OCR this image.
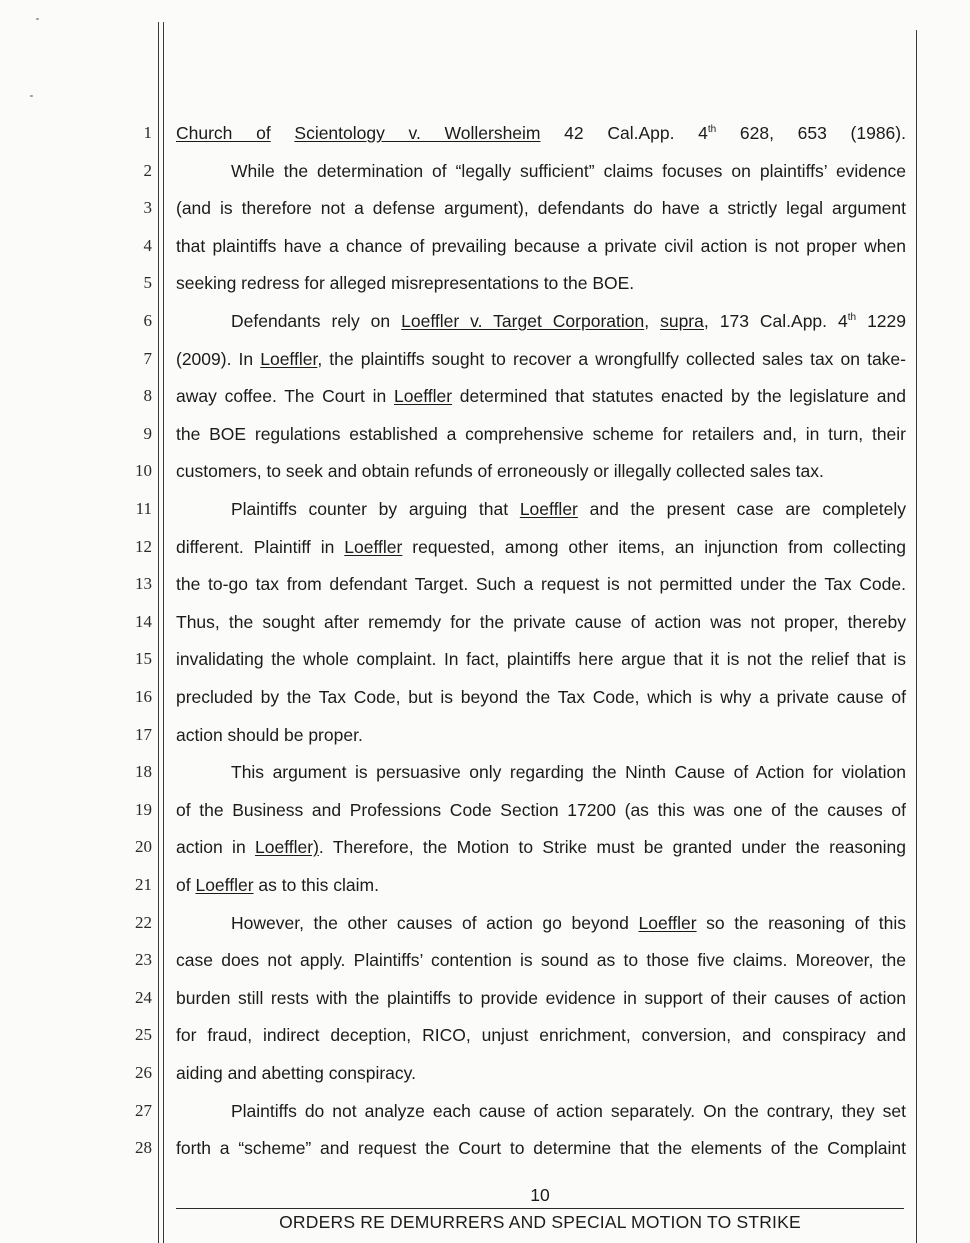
1 Church of Scientology v. Wollersheim 42 Cal.App. 4th 628, 653 (1986).
2	While the determination of “legally sufficient” claims focuses on plaintiffs’ evidence
3 (and is therefore not a defense argument), defendants do have a strictly legal argument
4 that plaintiffs have a chance of prevailing because a private civil action is not proper when
5 seeking redress for alleged misrepresentations to the BOE.
6	Defendants rely on Loeffler v. Target Corporation, supra, 173 Cal.App. 4th 1229
7 (2009). In Loeffler, the plaintiffs sought to recover a wrongfullfy collected sales tax on take-
8 away coffee. The Court in Loeffler determined that statutes enacted by the legislature and
9 the BOE regulations established a comprehensive scheme for retailers and, in turn, their
10 customers, to seek and obtain refunds of erroneously or illegally collected sales tax.
11	Plaintiffs counter by arguing that Loeffler and the present case are completely
12 different. Plaintiff in Loeffler requested, among other items, an injunction from collecting
13 the to-go tax from defendant Target. Such a request is not permitted under the Tax Code.
14 Thus, the sought after rememdy for the private cause of action was not proper, thereby
15 invalidating the whole complaint. In fact, plaintiffs here argue that it is not the relief that is
16 precluded by the Tax Code, but is beyond the Tax Code, which is why a private cause of
17 action should be proper.
18	This argument is persuasive only regarding the Ninth Cause of Action for violation
19 of the Business and Professions Code Section 17200 (as this was one of the causes of
20 action in Loeffler). Therefore, the Motion to Strike must be granted under the reasoning
21 of Loeffler as to this claim.
22	However, the other causes of action go beyond Loeffler so the reasoning of this
23 case does not apply. Plaintiffs’ contention is sound as to those five claims. Moreover, the
24 burden still rests with the plaintiffs to provide evidence in support of their causes of action
25 for fraud, indirect deception, RICO, unjust enrichment, conversion, and conspiracy and
26 aiding and abetting conspiracy.
27	Plaintiffs do not analyze each cause of action separately. On the contrary, they set
28 forth a “scheme” and request the Court to determine that the elements of the Complaint
10
ORDERS RE DEMURRERS AND SPECIAL MOTION TO STRIKE
